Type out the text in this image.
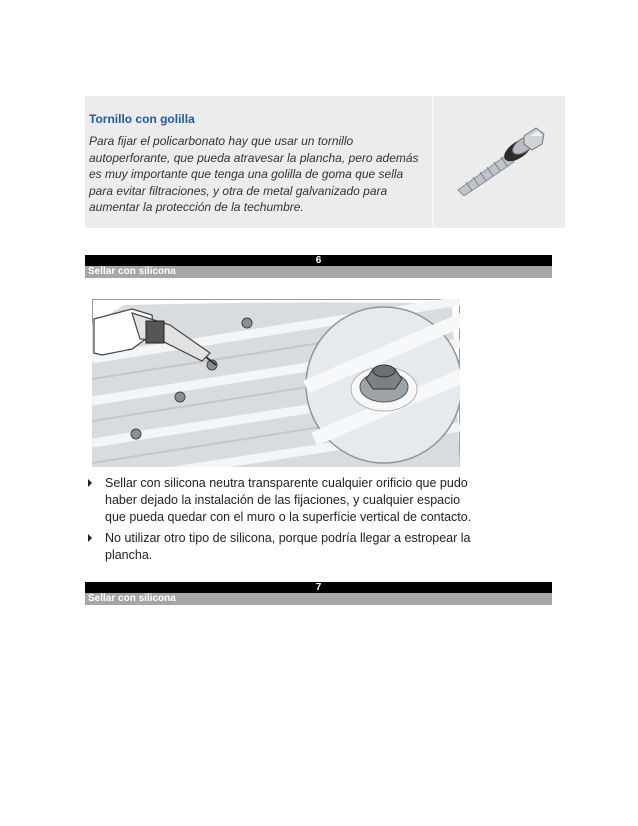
Tornillo con golilla
Para fijar el policarbonato hay que usar un tornillo autoperforante, que pueda atravesar la plancha, pero además es muy importante que tenga una golilla de goma que sella para evitar filtraciones, y otra de metal galvanizado para aumentar la protección de la techumbre.
6
Sellar con silicona
Sellar con silicona neutra transparente cualquier orificio que pudo haber dejado la instalación de las fijaciones, y cualquier espacio que pueda quedar con el muro o la superfície vertical de contacto.
No utilizar otro tipo de silicona, porque podría llegar a estropear la plancha.
7
Sellar con silicona
